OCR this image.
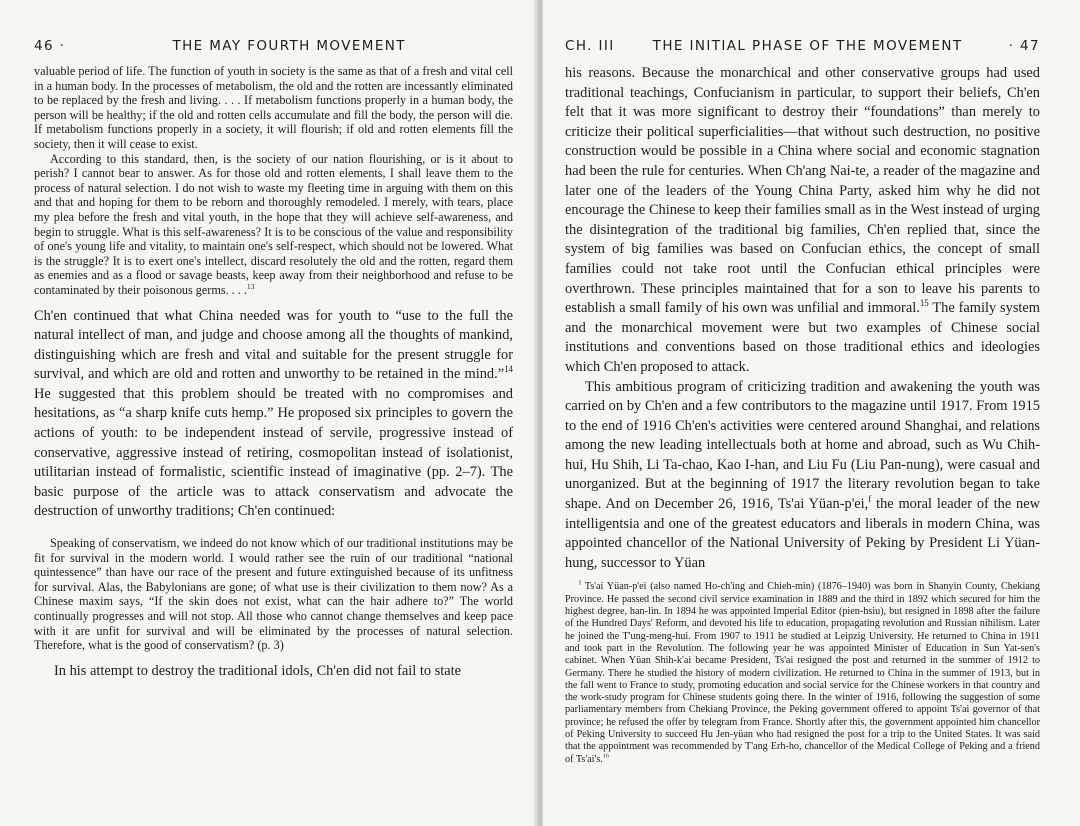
46 ·	THE MAY FOURTH MOVEMENT

valuable period of life. The function of youth in society is the same as that of a fresh and vital cell in a human body. In the processes of metabolism, the old and the rotten are incessantly eliminated to be replaced by the fresh and living. . . . If metabolism functions properly in a human body, the person will be healthy; if the old and rotten cells accumulate and fill the body, the person will die. If metabolism functions properly in a society, it will flourish; if old and rotten elements fill the society, then it will cease to exist.

According to this standard, then, is the society of our nation flourishing, or is it about to perish? I cannot bear to answer. As for those old and rotten elements, I shall leave them to the process of natural selection. I do not wish to waste my fleeting time in arguing with them on this and that and hoping for them to be reborn and thoroughly remodeled. I merely, with tears, place my plea before the fresh and vital youth, in the hope that they will achieve self-awareness, and begin to struggle. What is this self-awareness? It is to be conscious of the value and responsibility of one's young life and vitality, to maintain one's self-respect, which should not be lowered. What is the struggle? It is to exert one's intellect, discard resolutely the old and the rotten, regard them as enemies and as a flood or savage beasts, keep away from their neighborhood and refuse to be contaminated by their poisonous germs. . . .$^{13}$

Ch'en continued that what China needed was for youth to “use to the full the natural intellect of man, and judge and choose among all the thoughts of mankind, distinguishing which are fresh and vital and suitable for the present struggle for survival, and which are old and rotten and unworthy to be retained in the mind.”$^{14}$ He suggested that this problem should be treated with no compromises and hesitations, as “a sharp knife cuts hemp.” He proposed six principles to govern the actions of youth: to be independent instead of servile, progressive instead of conservative, aggressive instead of retiring, cosmopolitan instead of isolationist, utilitarian instead of formalistic, scientific instead of imaginative (pp. 2–7). The basic purpose of the article was to attack conservatism and advocate the destruction of unworthy traditions; Ch'en continued:

Speaking of conservatism, we indeed do not know which of our traditional institutions may be fit for survival in the modern world. I would rather see the ruin of our traditional “national quintessence” than have our race of the present and future extinguished because of its unfitness for survival. Alas, the Babylonians are gone; of what use is their civilization to them now? As a Chinese maxim says, “If the skin does not exist, what can the hair adhere to?” The world continually progresses and will not stop. All those who cannot change themselves and keep pace with it are unfit for survival and will be eliminated by the processes of natural selection. Therefore, what is the good of conservatism? (p. 3)

In his attempt to destroy the traditional idols, Ch'en did not fail to state

CH. III	THE INITIAL PHASE OF THE MOVEMENT	· 47

his reasons. Because the monarchical and other conservative groups had used traditional teachings, Confucianism in particular, to support their beliefs, Ch'en felt that it was more significant to destroy their “foundations” than merely to criticize their political superficialities—that without such destruction, no positive construction would be possible in a China where social and economic stagnation had been the rule for centuries. When Ch'ang Nai-te, a reader of the magazine and later one of the leaders of the Young China Party, asked him why he did not encourage the Chinese to keep their families small as in the West instead of urging the disintegration of the traditional big families, Ch'en replied that, since the system of big families was based on Confucian ethics, the concept of small families could not take root until the Confucian ethical principles were overthrown. These principles maintained that for a son to leave his parents to establish a small family of his own was unfilial and immoral.$^{15}$ The family system and the monarchical movement were but two examples of Chinese social institutions and conventions based on those traditional ethics and ideologies which Ch'en proposed to attack.

This ambitious program of criticizing tradition and awakening the youth was carried on by Ch'en and a few contributors to the magazine until 1917. From 1915 to the end of 1916 Ch'en's activities were centered around Shanghai, and relations among the new leading intellectuals both at home and abroad, such as Wu Chih-hui, Hu Shih, Li Ta-chao, Kao I-han, and Liu Fu (Liu Pan-nung), were casual and unorganized. But at the beginning of 1917 the literary revolution began to take shape. And on December 26, 1916, Ts'ai Yüan-p'ei,$^f$ the moral leader of the new intelligentsia and one of the greatest educators and liberals in modern China, was appointed chancellor of the National University of Peking by President Li Yüan-hung, successor to Yüan

$^f$ Ts'ai Yüan-p'ei (also named Ho-ch'ing and Chieh-min) (1876–1940) was born in Shanyin County, Chekiang Province. He passed the second civil service examination in 1889 and the third in 1892 which secured for him the highest degree, han-lin. In 1894 he was appointed Imperial Editor (pien-hsiu), but resigned in 1898 after the failure of the Hundred Days' Reform, and devoted his life to education, propagating revolution and Russian nihilism. Later he joined the T'ung-meng-hui. From 1907 to 1911 he studied at Leipzig University. He returned to China in 1911 and took part in the Revolution. The following year he was appointed Minister of Education in Sun Yat-sen's cabinet. When Yüan Shih-k'ai became President, Ts'ai resigned the post and returned in the summer of 1912 to Germany. There he studied the history of modern civilization. He returned to China in the summer of 1913, but in the fall went to France to study, promoting education and social service for the Chinese workers in that country and the work-study program for Chinese students going there. In the winter of 1916, following the suggestion of some parliamentary members from Chekiang Province, the Peking government offered to appoint Ts'ai governor of that province; he refused the offer by telegram from France. Shortly after this, the government appointed him chancellor of Peking University to succeed Hu Jen-yüan who had resigned the post for a trip to the United States. It was said that the appointment was recommended by T'ang Erh-ho, chancellor of the Medical College of Peking and a friend of Ts'ai's.$^{16}$
